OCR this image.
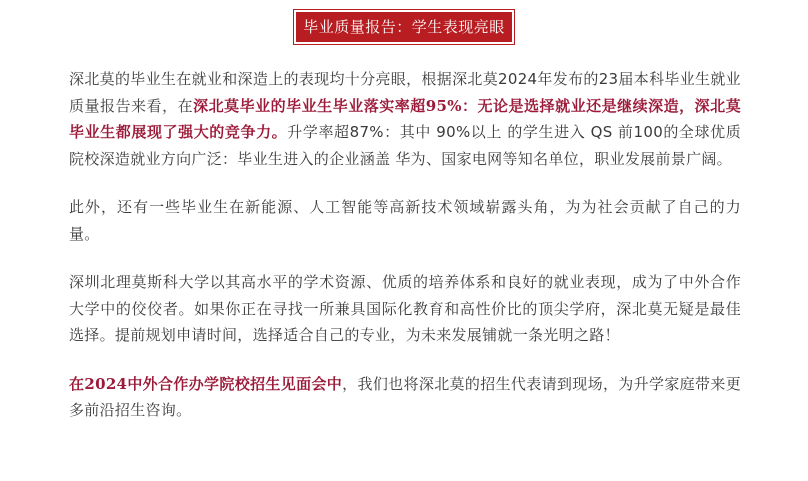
毕业质量报告：学生表现亮眼

深北莫的毕业生在就业和深造上的表现均十分亮眼，根据深北莫2024年发布的23届本科毕业生就业质量报告来看，在深北莫毕业的毕业生毕业落实率超95%：无论是选择就业还是继续深造，深北莫毕业生都展现了强大的竞争力。升学率超87%：其中 90%以上 的学生进入 QS 前100的全球优质院校深造就业方向广泛：毕业生进入的企业涵盖 华为、国家电网等知名单位，职业发展前景广阔。

此外，还有一些毕业生在新能源、人工智能等高新技术领域崭露头角，为为社会贡献了自己的力量。

深圳北理莫斯科大学以其高水平的学术资源、优质的培养体系和良好的就业表现，成为了中外合作大学中的佼佼者。如果你正在寻找一所兼具国际化教育和高性价比的顶尖学府，深北莫无疑是最佳选择。提前规划申请时间，选择适合自己的专业，为未来发展铺就一条光明之路！

在2024中外合作办学院校招生见面会中，我们也将深北莫的招生代表请到现场，为升学家庭带来更多前沿招生咨询。
